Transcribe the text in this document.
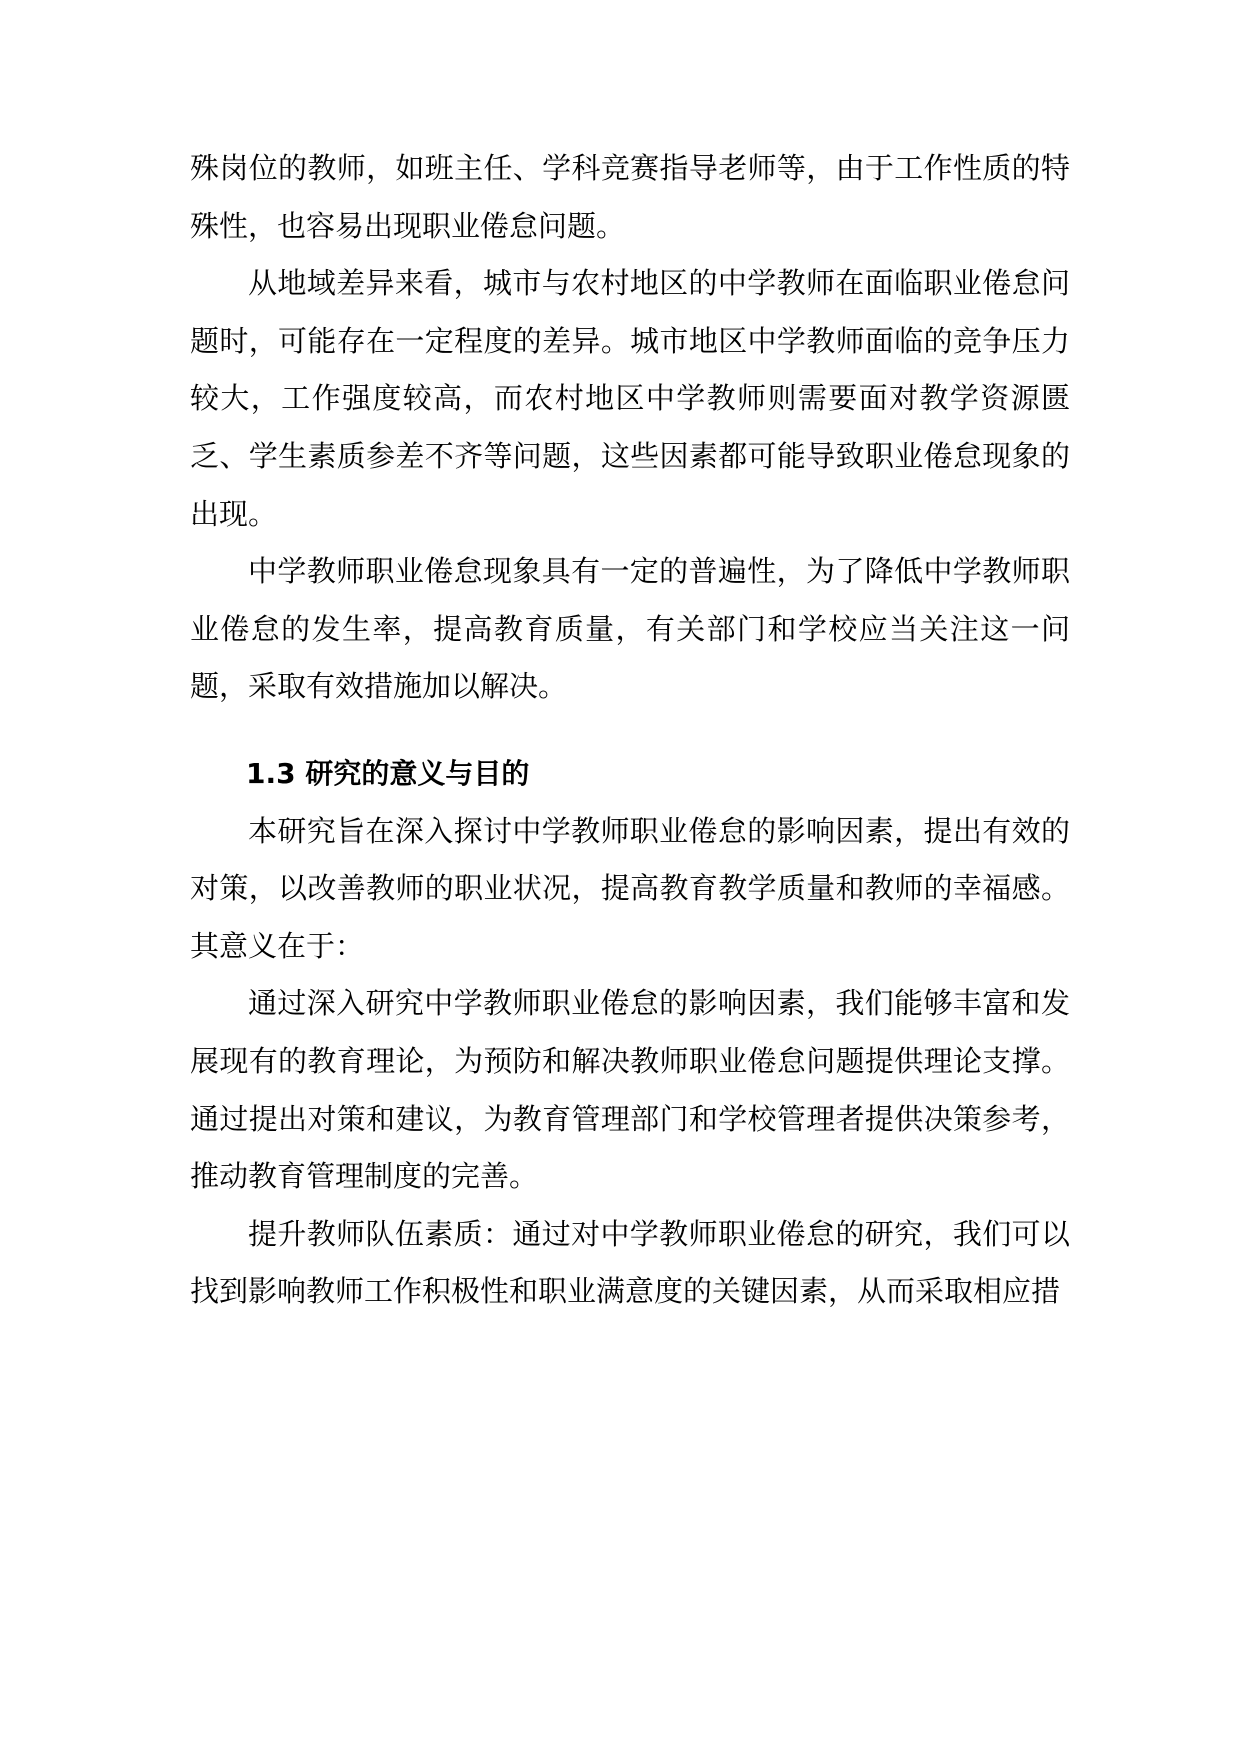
殊岗位的教师，如班主任、学科竞赛指导老师等，由于工作性质的特殊性，也容易出现职业倦怠问题。

从地域差异来看，城市与农村地区的中学教师在面临职业倦怠问题时，可能存在一定程度的差异。城市地区中学教师面临的竞争压力较大，工作强度较高，而农村地区中学教师则需要面对教学资源匮乏、学生素质参差不齐等问题，这些因素都可能导致职业倦怠现象的出现。

中学教师职业倦怠现象具有一定的普遍性，为了降低中学教师职业倦怠的发生率，提高教育质量，有关部门和学校应当关注这一问题，采取有效措施加以解决。

1.3 研究的意义与目的

本研究旨在深入探讨中学教师职业倦怠的影响因素，提出有效的对策，以改善教师的职业状况，提高教育教学质量和教师的幸福感。其意义在于：

通过深入研究中学教师职业倦怠的影响因素，我们能够丰富和发展现有的教育理论，为预防和解决教师职业倦怠问题提供理论支撑。通过提出对策和建议，为教育管理部门和学校管理者提供决策参考，推动教育管理制度的完善。

提升教师队伍素质：通过对中学教师职业倦怠的研究，我们可以找到影响教师工作积极性和职业满意度的关键因素，从而采取相应措
